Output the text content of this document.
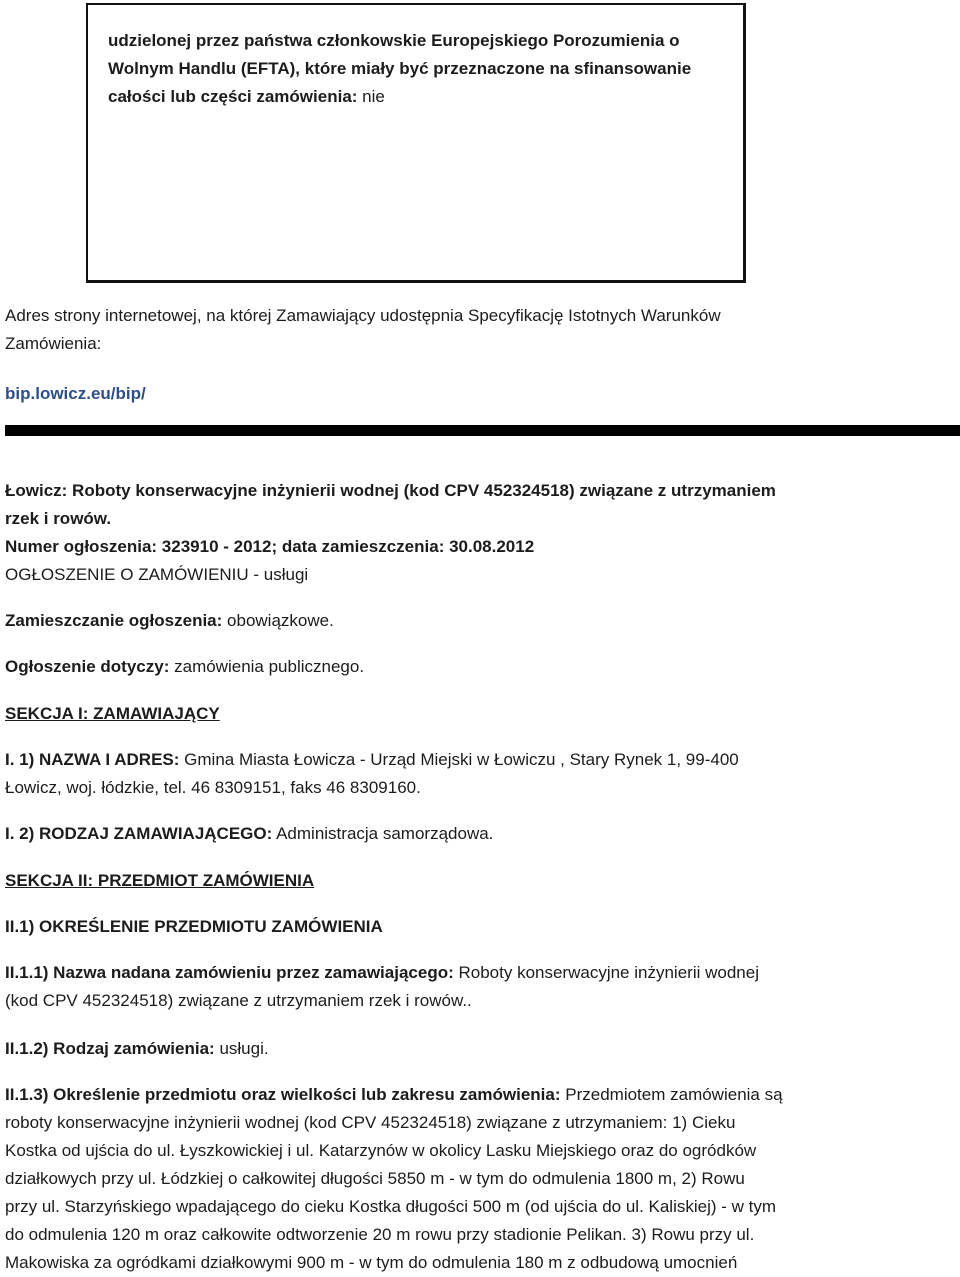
udzielonej przez państwa członkowskie Europejskiego Porozumienia o Wolnym Handlu (EFTA), które miały być przeznaczone na sfinansowanie całości lub części zamówienia: nie

Adres strony internetowej, na której Zamawiający udostępnia Specyfikację Istotnych Warunków

Zamówienia:

bip.lowicz.eu/bip/

Łowicz: Roboty konserwacyjne inżynierii wodnej (kod CPV 452324518) związane z utrzymaniem

rzek i rowów.

Numer ogłoszenia: 323910 - 2012; data zamieszczenia: 30.08.2012

OGŁOSZENIE O ZAMÓWIENIU - usługi

Zamieszczanie ogłoszenia: obowiązkowe.

Ogłoszenie dotyczy: zamówienia publicznego.

SEKCJA I: ZAMAWIAJĄCY

I. 1) NAZWA I ADRES: Gmina Miasta Łowicza - Urząd Miejski w Łowiczu , Stary Rynek 1, 99-400

Łowicz, woj. łódzkie, tel. 46 8309151, faks 46 8309160.

I. 2) RODZAJ ZAMAWIAJĄCEGO: Administracja samorządowa.

SEKCJA II: PRZEDMIOT ZAMÓWIENIA

II.1) OKREŚLENIE PRZEDMIOTU ZAMÓWIENIA

II.1.1) Nazwa nadana zamówieniu przez zamawiającego: Roboty konserwacyjne inżynierii wodnej

(kod CPV 452324518) związane z utrzymaniem rzek i rowów..

II.1.2) Rodzaj zamówienia: usługi.

II.1.3) Określenie przedmiotu oraz wielkości lub zakresu zamówienia: Przedmiotem zamówienia są

roboty konserwacyjne inżynierii wodnej (kod CPV 452324518) związane z utrzymaniem: 1) Cieku

Kostka od ujścia do ul. Łyszkowickiej i ul. Katarzynów w okolicy Lasku Miejskiego oraz do ogródków

działkowych przy ul. Łódzkiej o całkowitej długości 5850 m - w tym do odmulenia 1800 m, 2) Rowu

przy ul. Starzyńskiego wpadającego do cieku Kostka długości 500 m (od ujścia do ul. Kaliskiej) - w tym

do odmulenia 120 m oraz całkowite odtworzenie 20 m rowu przy stadionie Pelikan. 3) Rowu przy ul.

Makowiska za ogródkami działkowymi 900 m - w tym do odmulenia 180 m z odbudową umocnień
